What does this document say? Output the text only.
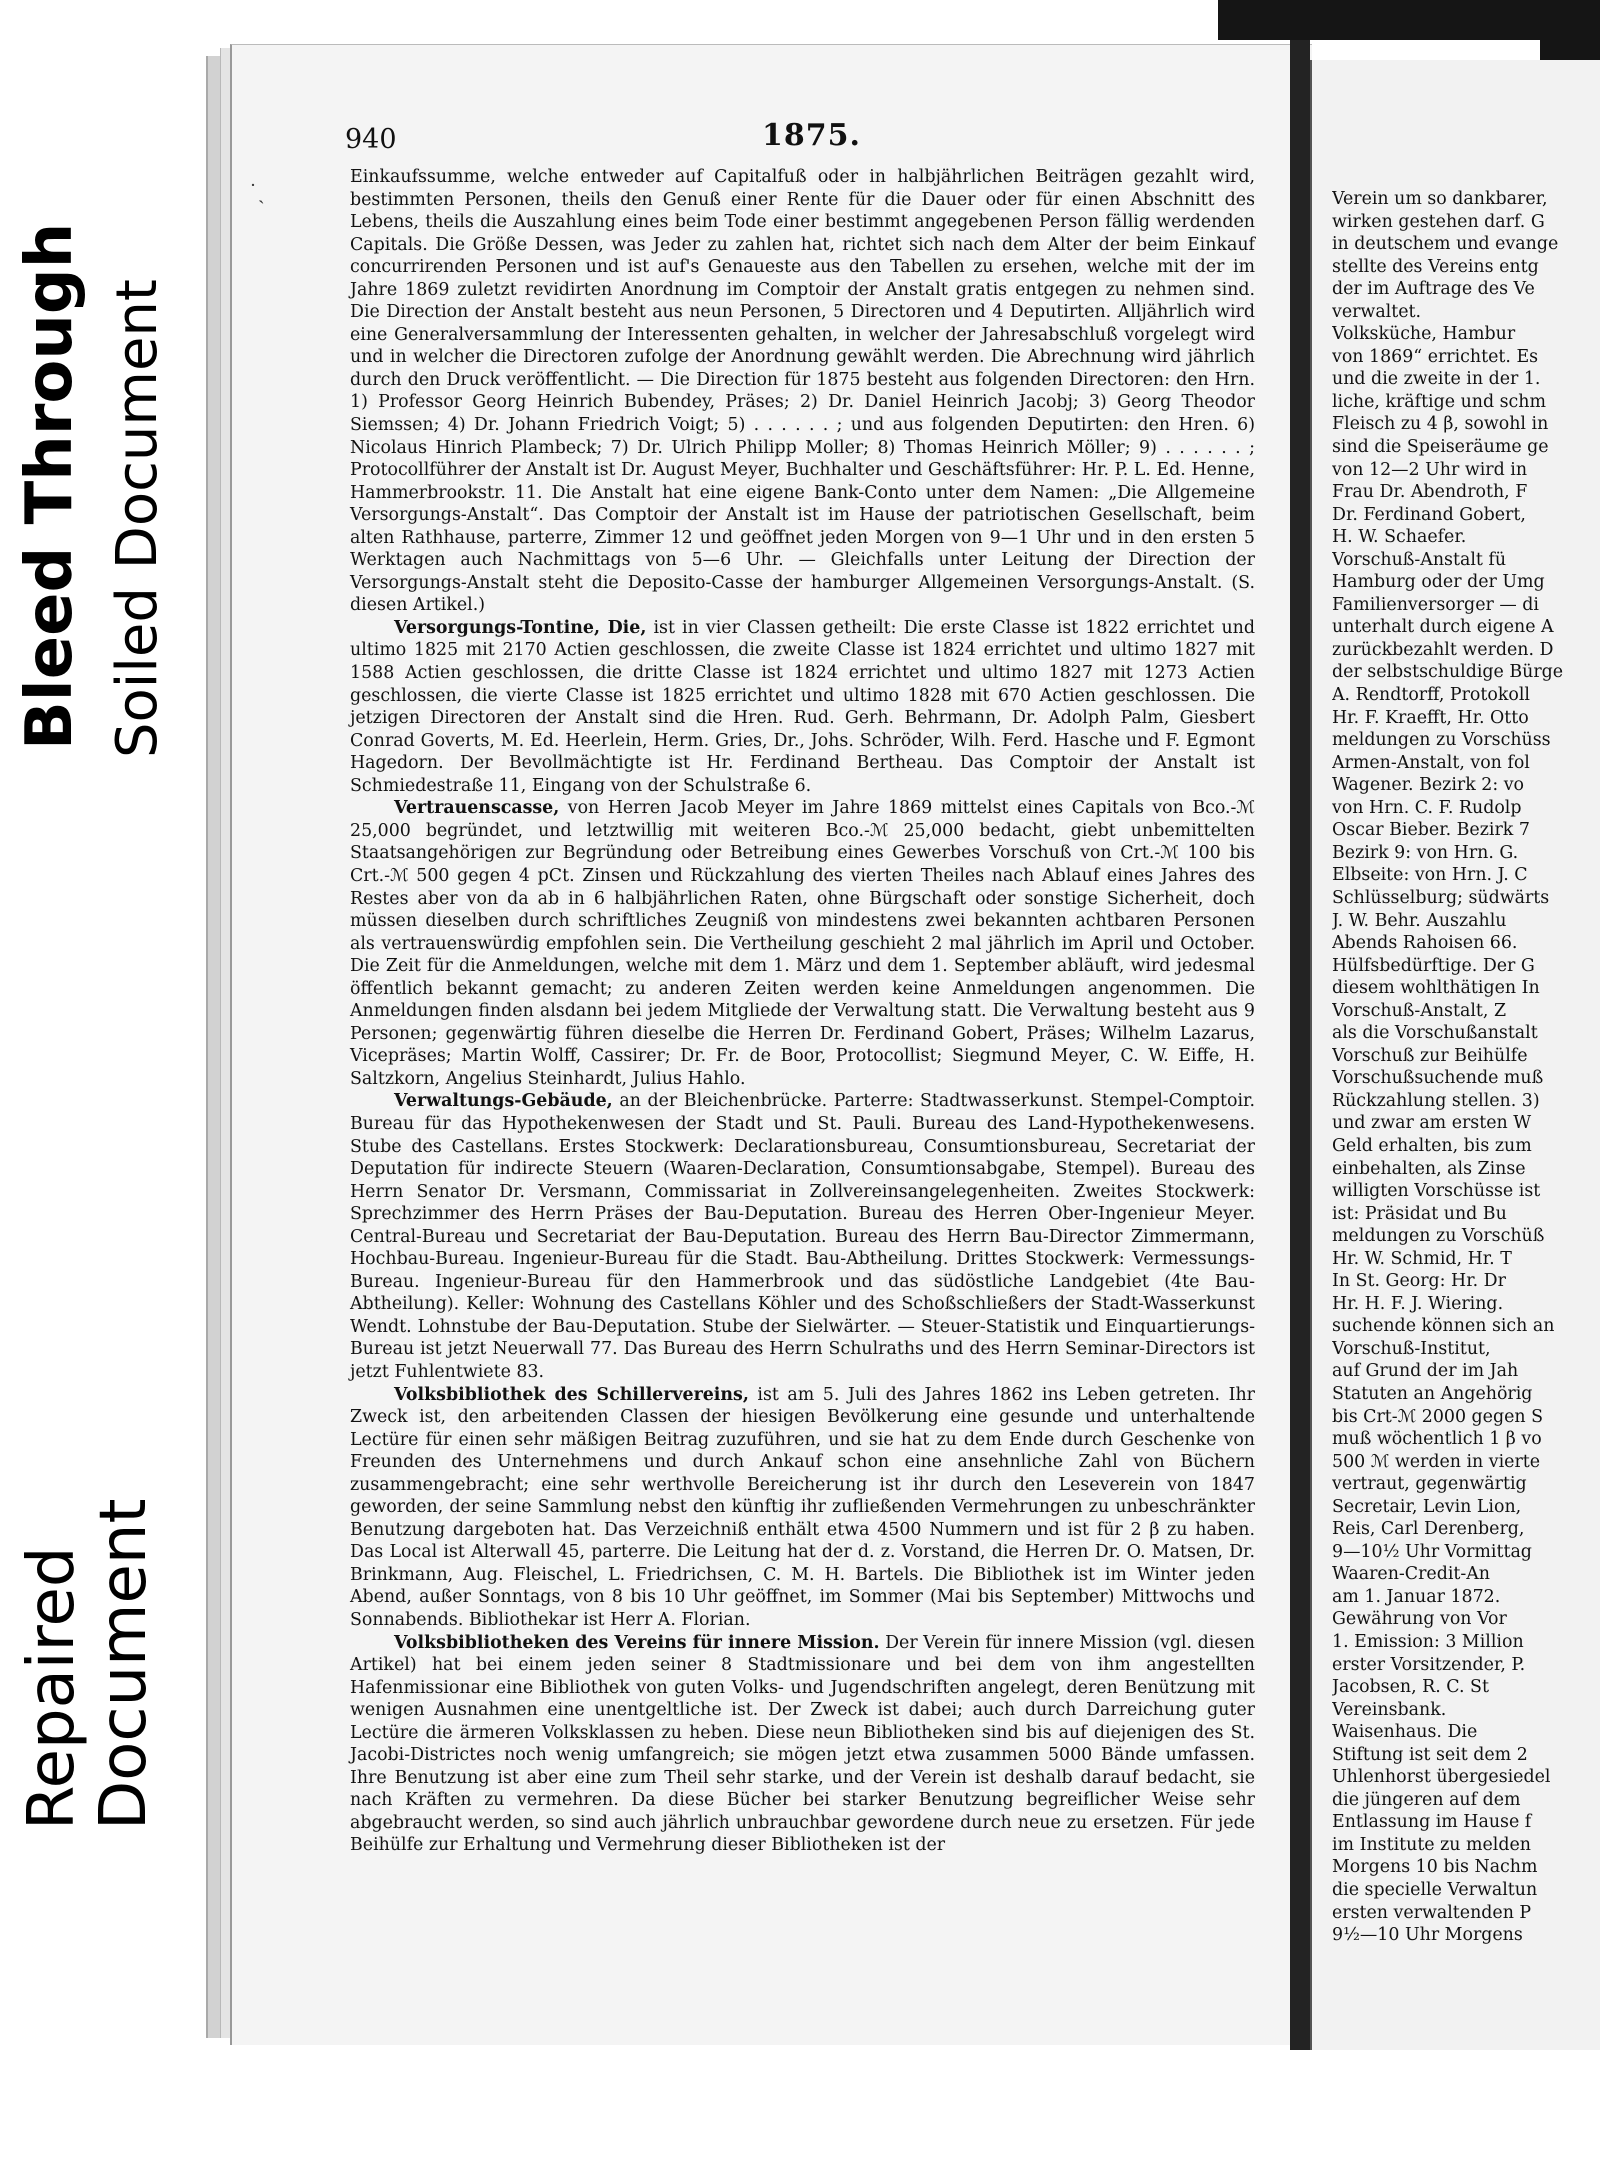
Bleed Through Soiled Document
Repaired
Document
˙ˏ
940	1875.

Einkaufssumme, welche entweder auf Capitalfuß oder in halbjährlichen Beiträgen gezahlt wird, bestimmten Personen, theils den Genuß einer Rente für die Dauer oder für einen Abschnitt des Lebens, theils die Auszahlung eines beim Tode einer bestimmt angegebenen Person fällig werdenden Capitals. Die Größe Dessen, was Jeder zu zahlen hat, richtet sich nach dem Alter der beim Einkauf concurrirenden Personen und ist auf's Genaueste aus den Tabellen zu ersehen, welche mit der im Jahre 1869 zuletzt revidirten Anordnung im Comptoir der Anstalt gratis entgegen zu nehmen sind. Die Direction der Anstalt besteht aus neun Personen, 5 Directoren und 4 Deputirten. Alljährlich wird eine Generalversammlung der Interessenten gehalten, in welcher der Jahresabschluß vorgelegt wird und in welcher die Directoren zufolge der Anordnung gewählt werden. Die Abrechnung wird jährlich durch den Druck veröffentlicht. — Die Direction für 1875 besteht aus folgenden Directoren: den Hrn. 1) Professor Georg Heinrich Bubendey, Präses; 2) Dr. Daniel Heinrich Jacobj; 3) Georg Theodor Siemssen; 4) Dr. Johann Friedrich Voigt; 5) . . . . . . ; und aus folgenden Deputirten: den Hren. 6) Nicolaus Hinrich Plambeck; 7) Dr. Ulrich Philipp Moller; 8) Thomas Heinrich Möller; 9) . . . . . . ; Protocollführer der Anstalt ist Dr. August Meyer, Buchhalter und Geschäftsführer: Hr. P. L. Ed. Henne, Hammerbrookstr. 11. Die Anstalt hat eine eigene Bank-Conto unter dem Namen: „Die Allgemeine Versorgungs-Anstalt“. Das Comptoir der Anstalt ist im Hause der patriotischen Gesellschaft, beim alten Rathhause, parterre, Zimmer 12 und geöffnet jeden Morgen von 9—1 Uhr und in den ersten 5 Werktagen auch Nachmittags von 5—6 Uhr. — Gleichfalls unter Leitung der Direction der Versorgungs-Anstalt steht die Deposito-Casse der hamburger Allgemeinen Versorgungs-Anstalt. (S. diesen Artikel.)

Versorgungs-Tontine, Die, ist in vier Classen getheilt: Die erste Classe ist 1822 errichtet und ultimo 1825 mit 2170 Actien geschlossen, die zweite Classe ist 1824 errichtet und ultimo 1827 mit 1588 Actien geschlossen, die dritte Classe ist 1824 errichtet und ultimo 1827 mit 1273 Actien geschlossen, die vierte Classe ist 1825 errichtet und ultimo 1828 mit 670 Actien geschlossen. Die jetzigen Directoren der Anstalt sind die Hren. Rud. Gerh. Behrmann, Dr. Adolph Palm, Giesbert Conrad Goverts, M. Ed. Heerlein, Herm. Gries, Dr., Johs. Schröder, Wilh. Ferd. Hasche und F. Egmont Hagedorn. Der Bevollmächtigte ist Hr. Ferdinand Bertheau. Das Comptoir der Anstalt ist Schmiedestraße 11, Eingang von der Schulstraße 6.

Vertrauenscasse, von Herren Jacob Meyer im Jahre 1869 mittelst eines Capitals von Bco.-ℳ 25,000 begründet, und letztwillig mit weiteren Bco.-ℳ 25,000 bedacht, giebt unbemittelten Staatsangehörigen zur Begründung oder Betreibung eines Gewerbes Vorschuß von Crt.-ℳ 100 bis Crt.-ℳ 500 gegen 4 pCt. Zinsen und Rückzahlung des vierten Theiles nach Ablauf eines Jahres des Restes aber von da ab in 6 halbjährlichen Raten, ohne Bürgschaft oder sonstige Sicherheit, doch müssen dieselben durch schriftliches Zeugniß von mindestens zwei bekannten achtbaren Personen als vertrauenswürdig empfohlen sein. Die Vertheilung geschieht 2 mal jährlich im April und October. Die Zeit für die Anmeldungen, welche mit dem 1. März und dem 1. September abläuft, wird jedesmal öffentlich bekannt gemacht; zu anderen Zeiten werden keine Anmeldungen angenommen. Die Anmeldungen finden alsdann bei jedem Mitgliede der Verwaltung statt. Die Verwaltung besteht aus 9 Personen; gegenwärtig führen dieselbe die Herren Dr. Ferdinand Gobert, Präses; Wilhelm Lazarus, Vicepräses; Martin Wolff, Cassirer; Dr. Fr. de Boor, Protocollist; Siegmund Meyer, C. W. Eiffe, H. Saltzkorn, Angelius Steinhardt, Julius Hahlo.

Verwaltungs-Gebäude, an der Bleichenbrücke. Parterre: Stadtwasserkunst. Stempel-Comptoir. Bureau für das Hypothekenwesen der Stadt und St. Pauli. Bureau des Land-Hypothekenwesens. Stube des Castellans. Erstes Stockwerk: Declarationsbureau, Consumtionsbureau, Secretariat der Deputation für indirecte Steuern (Waaren-Declaration, Consumtionsabgabe, Stempel). Bureau des Herrn Senator Dr. Versmann, Commissariat in Zollvereinsangelegenheiten. Zweites Stockwerk: Sprechzimmer des Herrn Präses der Bau-Deputation. Bureau des Herren Ober-Ingenieur Meyer. Central-Bureau und Secretariat der Bau-Deputation. Bureau des Herrn Bau-Director Zimmermann, Hochbau-Bureau. Ingenieur-Bureau für die Stadt. Bau-Abtheilung. Drittes Stockwerk: Vermessungs-Bureau. Ingenieur-Bureau für den Hammerbrook und das südöstliche Landgebiet (4te Bau-Abtheilung). Keller: Wohnung des Castellans Köhler und des Schoßschließers der Stadt-Wasserkunst Wendt. Lohnstube der Bau-Deputation. Stube der Sielwärter. — Steuer-Statistik und Einquartierungs-Bureau ist jetzt Neuerwall 77. Das Bureau des Herrn Schulraths und des Herrn Seminar-Directors ist jetzt Fuhlentwiete 83.

Volksbibliothek des Schillervereins, ist am 5. Juli des Jahres 1862 ins Leben getreten. Ihr Zweck ist, den arbeitenden Classen der hiesigen Bevölkerung eine gesunde und unterhaltende Lectüre für einen sehr mäßigen Beitrag zuzuführen, und sie hat zu dem Ende durch Geschenke von Freunden des Unternehmens und durch Ankauf schon eine ansehnliche Zahl von Büchern zusammengebracht; eine sehr werthvolle Bereicherung ist ihr durch den Leseverein von 1847 geworden, der seine Sammlung nebst den künftig ihr zufließenden Vermehrungen zu unbeschränkter Benutzung dargeboten hat. Das Verzeichniß enthält etwa 4500 Nummern und ist für 2 β zu haben. Das Local ist Alterwall 45, parterre. Die Leitung hat der d. z. Vorstand, die Herren Dr. O. Matsen, Dr. Brinkmann, Aug. Fleischel, L. Friedrichsen, C. M. H. Bartels. Die Bibliothek ist im Winter jeden Abend, außer Sonntags, von 8 bis 10 Uhr geöffnet, im Sommer (Mai bis September) Mittwochs und Sonnabends. Bibliothekar ist Herr A. Florian.

Volksbibliotheken des Vereins für innere Mission. Der Verein für innere Mission (vgl. diesen Artikel) hat bei einem jeden seiner 8 Stadtmissionare und bei dem von ihm angestellten Hafenmissionar eine Bibliothek von guten Volks- und Jugendschriften angelegt, deren Benützung mit wenigen Ausnahmen eine unentgeltliche ist. Der Zweck ist dabei; auch durch Darreichung guter Lectüre die ärmeren Volksklassen zu heben. Diese neun Bibliotheken sind bis auf diejenigen des St. Jacobi-Districtes noch wenig umfangreich; sie mögen jetzt etwa zusammen 5000 Bände umfassen. Ihre Benutzung ist aber eine zum Theil sehr starke, und der Verein ist deshalb darauf bedacht, sie nach Kräften zu vermehren. Da diese Bücher bei starker Benutzung begreiflicher Weise sehr abgebraucht werden, so sind auch jährlich unbrauchbar gewordene durch neue zu ersetzen. Für jede Beihülfe zur Erhaltung und Vermehrung dieser Bibliotheken ist der

Verein um so dankbarer,
wirken gestehen darf. G
in deutschem und evange
stellte des Vereins entg
der im Auftrage des Ve
verwaltet.
Volksküche, Hambur
von 1869“ errichtet. Es
und die zweite in der 1.
liche, kräftige und schm
Fleisch zu 4 β, sowohl in
sind die Speiseräume ge
von 12—2 Uhr wird in
Frau Dr. Abendroth, F
Dr. Ferdinand Gobert,
H. W. Schaefer.
Vorschuß-Anstalt fü
Hamburg oder der Umg
Familienversorger — di
unterhalt durch eigene A
zurückbezahlt werden. D
der selbstschuldige Bürge
A. Rendtorff, Protokoll
Hr. F. Kraefft, Hr. Otto
meldungen zu Vorschüss
Armen-Anstalt, von fol
Wagener. Bezirk 2: vo
von Hrn. C. F. Rudolp
Oscar Bieber. Bezirk 7
Bezirk 9: von Hrn. G.
Elbseite: von Hrn. J. C
Schlüsselburg; südwärts
J. W. Behr. Auszahlu
Abends Rahoisen 66.
Hülfsbedürftige. Der G
diesem wohlthätigen In
Vorschuß-Anstalt, Z
als die Vorschußanstalt
Vorschuß zur Beihülfe
Vorschußsuchende muß
Rückzahlung stellen. 3)
und zwar am ersten W
Geld erhalten, bis zum
einbehalten, als Zinse
willigten Vorschüsse ist
ist: Präsidat und Bu
meldungen zu Vorschüß
Hr. W. Schmid, Hr. T
In St. Georg: Hr. Dr
Hr. H. F. J. Wiering.
suchende können sich an
Vorschuß-Institut,
auf Grund der im Jah
Statuten an Angehörig
bis Crt-ℳ 2000 gegen S
muß wöchentlich 1 β vo
500 ℳ werden in vierte
vertraut, gegenwärtig
Secretair, Levin Lion,
Reis, Carl Derenberg,
9—10½ Uhr Vormittag
Waaren-Credit-An
am 1. Januar 1872.
Gewährung von Vor
1. Emission: 3 Million
erster Vorsitzender, P.
Jacobsen, R. C. St
Vereinsbank.
Waisenhaus. Die
Stiftung ist seit dem 2
Uhlenhorst übergesiedel
die jüngeren auf dem
Entlassung im Hause f
im Institute zu melden
Morgens 10 bis Nachm
die specielle Verwaltun
ersten verwaltenden P
9½—10 Uhr Morgens
